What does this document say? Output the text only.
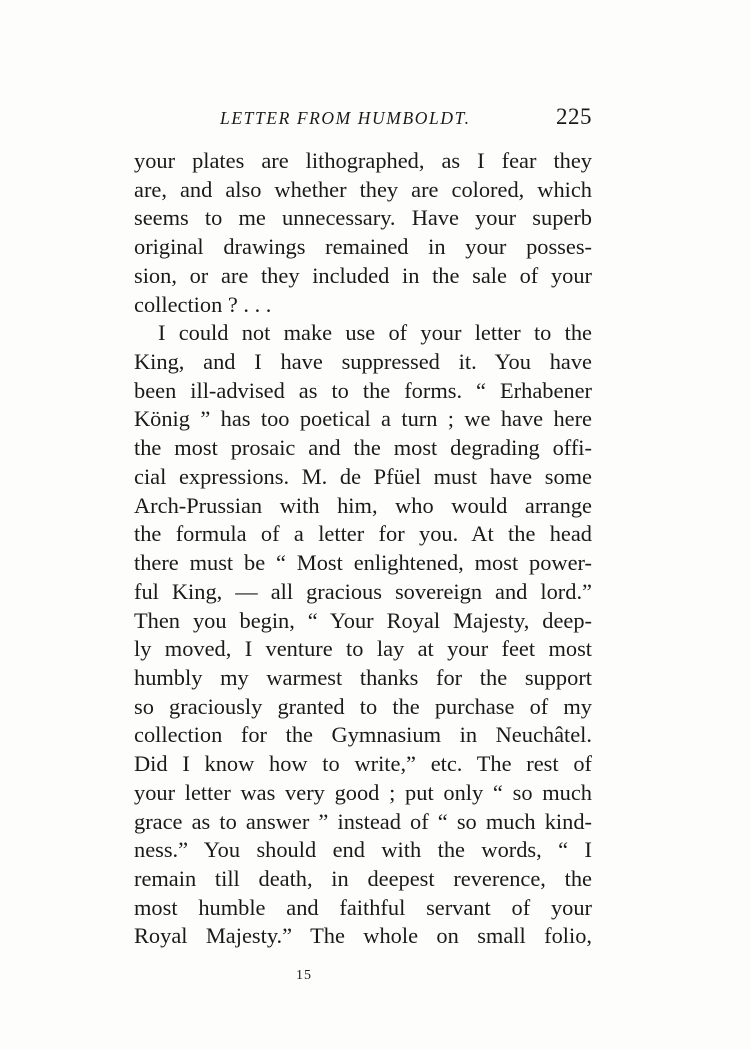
LETTER FROM HUMBOLDT.	225
your plates are lithographed, as I fear they
are, and also whether they are colored, which
seems to me unnecessary. Have your superb
original drawings remained in your posses-
sion, or are they included in the sale of your
collection ? . . .
I could not make use of your letter to the
King, and I have suppressed it. You have
been ill-advised as to the forms. “ Erhabener
König ” has too poetical a turn ; we have here
the most prosaic and the most degrading offi-
cial expressions. M. de Pfüel must have some
Arch-Prussian with him, who would arrange
the formula of a letter for you. At the head
there must be “ Most enlightened, most power-
ful King, — all gracious sovereign and lord.”
Then you begin, “ Your Royal Majesty, deep-
ly moved, I venture to lay at your feet most
humbly my warmest thanks for the support
so graciously granted to the purchase of my
collection for the Gymnasium in Neuchâtel.
Did I know how to write,” etc. The rest of
your letter was very good ; put only “ so much
grace as to answer ” instead of “ so much kind-
ness.” You should end with the words, “ I
remain till death, in deepest reverence, the
most humble and faithful servant of your
Royal Majesty.” The whole on small folio,
15
